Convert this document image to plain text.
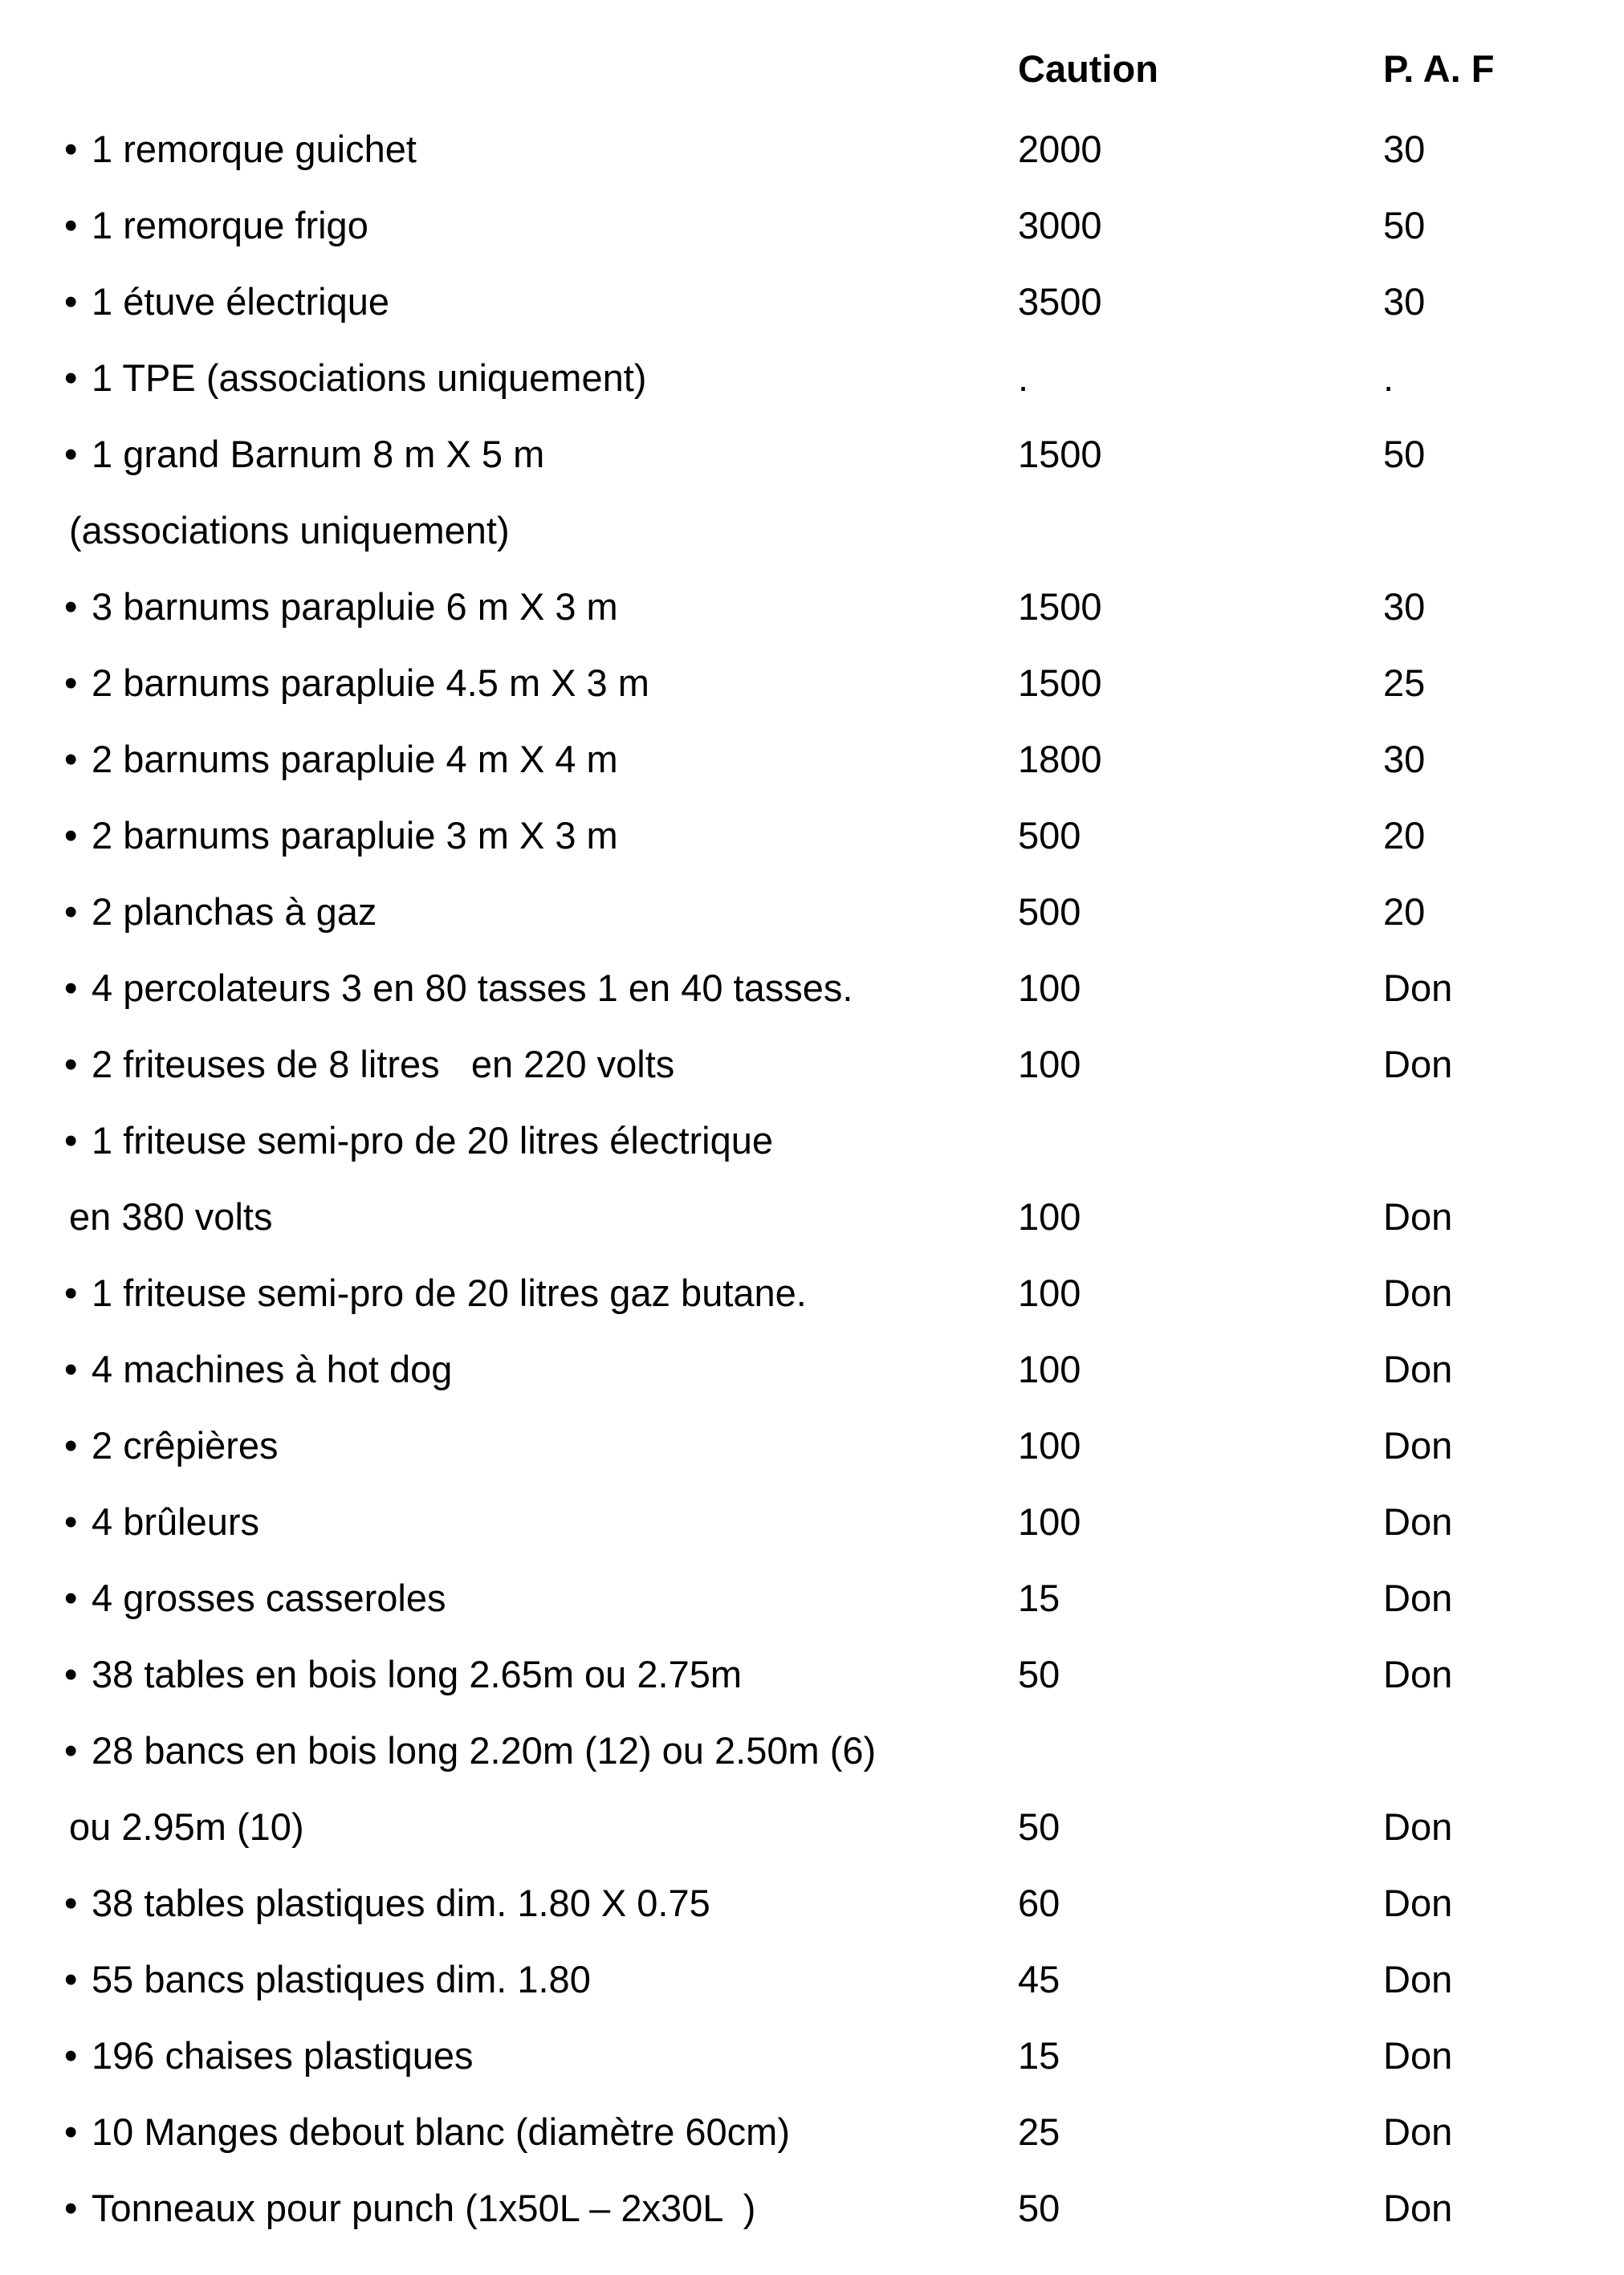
Caution	P. A. F
• 1 remorque guichet	2000	30
• 1 remorque frigo	3000	50
• 1 étuve électrique	3500	30
• 1 TPE (associations uniquement)	.	.
• 1 grand Barnum 8 m X 5 m	1500	50
(associations uniquement)
• 3 barnums parapluie 6 m X 3 m	1500	30
• 2 barnums parapluie 4.5 m X 3 m	1500	25
• 2 barnums parapluie 4 m X 4 m	1800	30
• 2 barnums parapluie 3 m X 3 m	500	20
• 2 planchas à gaz	500	20
• 4 percolateurs 3 en 80 tasses 1 en 40 tasses.	100	Don
• 2 friteuses de 8 litres   en 220 volts	100	Don
• 1 friteuse semi-pro de 20 litres électrique
en 380 volts	100	Don
• 1 friteuse semi-pro de 20 litres gaz butane.	100	Don
• 4 machines à hot dog	100	Don
• 2 crêpières	100	Don
• 4 brûleurs	100	Don
• 4 grosses casseroles	15	Don
• 38 tables en bois long 2.65m ou 2.75m	50	Don
• 28 bancs en bois long 2.20m (12) ou 2.50m (6)
ou 2.95m (10)	50	Don
• 38 tables plastiques dim. 1.80 X 0.75	60	Don
• 55 bancs plastiques dim. 1.80	45	Don
• 196 chaises plastiques	15	Don
• 10 Manges debout blanc (diamètre 60cm)	25	Don
• Tonneaux pour punch (1x50L – 2x30L  )	50	Don
